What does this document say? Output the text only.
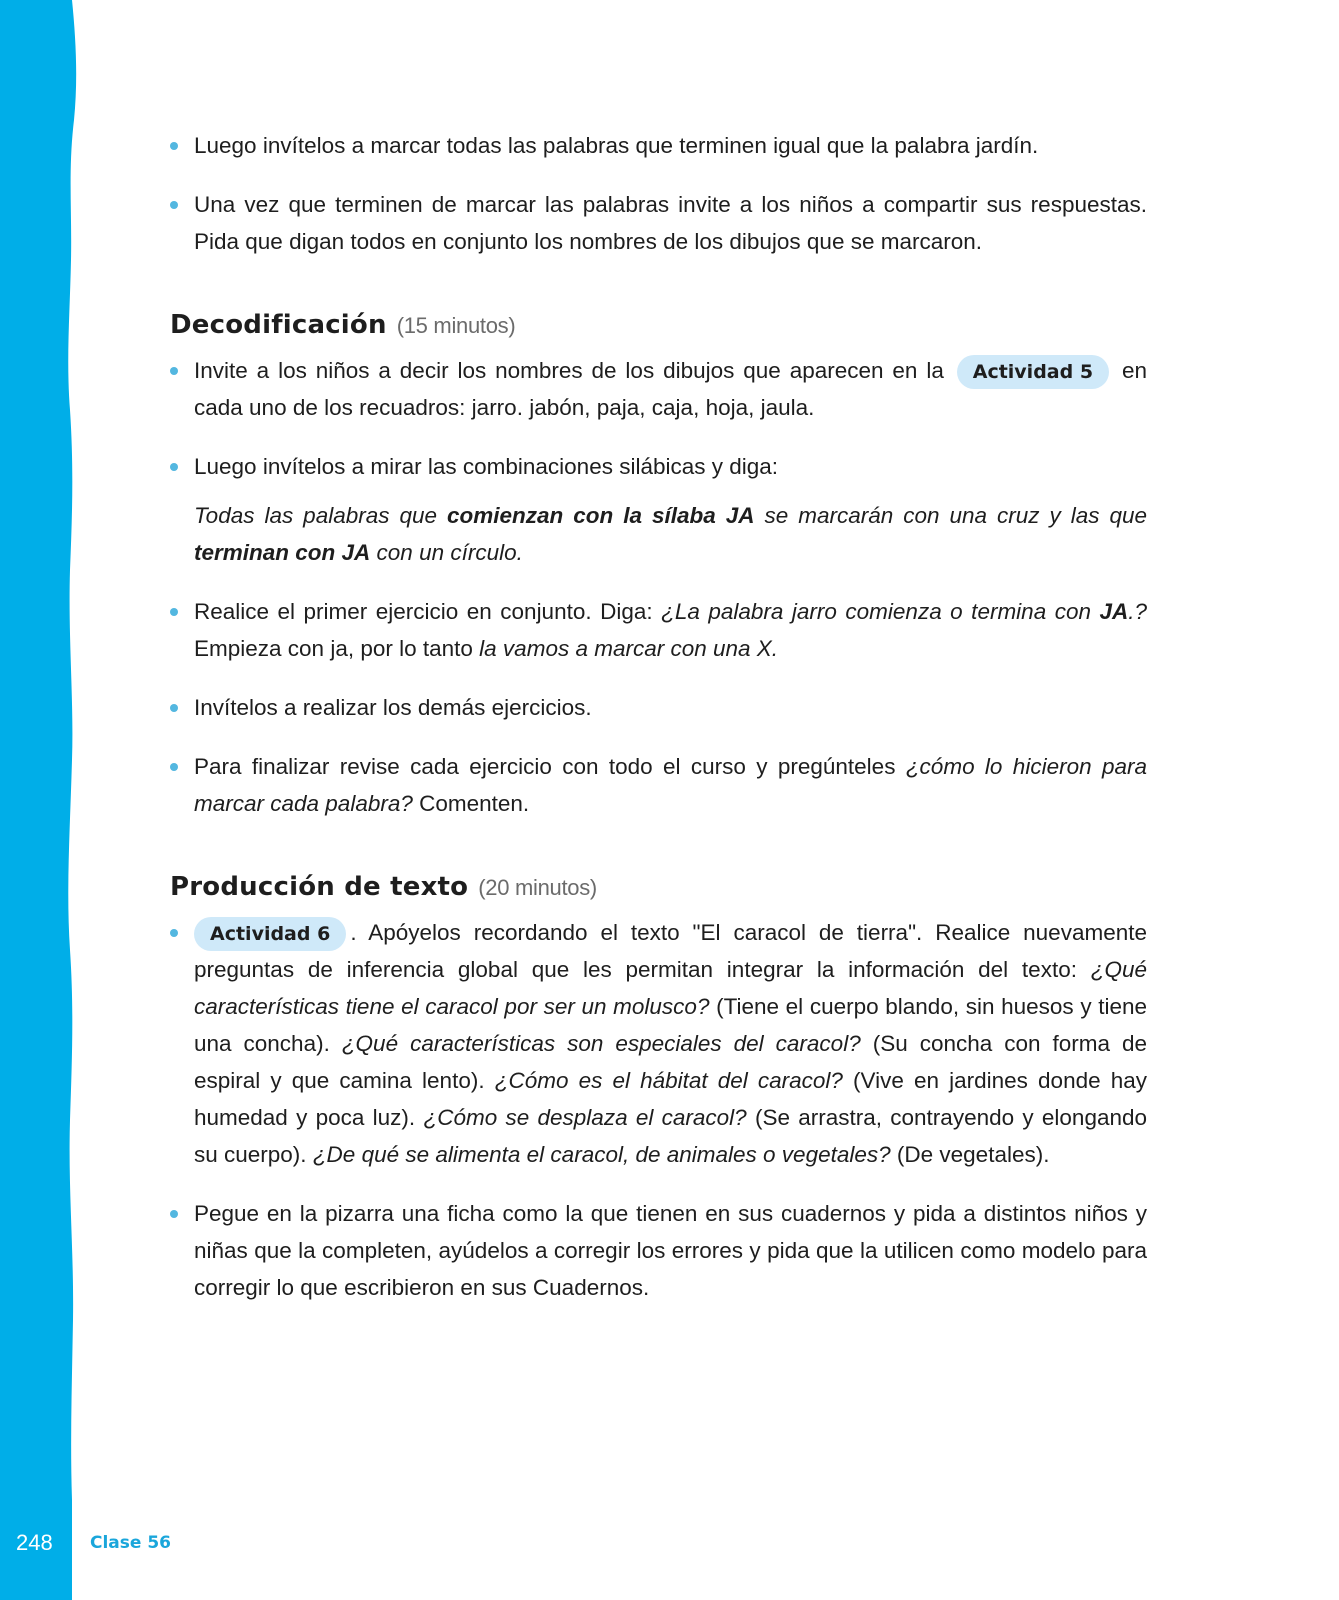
Luego invítelos a marcar todas las palabras que terminen igual que la palabra jardín.

Una vez que terminen de marcar las palabras invite a los niños a compartir sus respuestas. Pida que digan todos en conjunto los nombres de los dibujos que se marcaron.

Decodificación (15 minutos)

Invite a los niños a decir los nombres de los dibujos que aparecen en la Actividad 5 en cada uno de los recuadros: jarro. jabón, paja, caja, hoja, jaula.

Luego invítelos a mirar las combinaciones silábicas y diga:

Todas las palabras que comienzan con la sílaba JA se marcarán con una cruz y las que terminan con JA con un círculo.

Realice el primer ejercicio en conjunto. Diga: ¿La palabra jarro comienza o termina con JA.? Empieza con ja, por lo tanto la vamos a marcar con una X.

Invítelos a realizar los demás ejercicios.

Para finalizar revise cada ejercicio con todo el curso y pregúnteles ¿cómo lo hicieron para marcar cada palabra? Comenten.

Producción de texto (20 minutos)

Actividad 6 . Apóyelos recordando el texto "El caracol de tierra". Realice nuevamente preguntas de inferencia global que les permitan integrar la información del texto: ¿Qué características tiene el caracol por ser un molusco? (Tiene el cuerpo blando, sin huesos y tiene una concha). ¿Qué características son especiales del caracol? (Su concha con forma de espiral y que camina lento). ¿Cómo es el hábitat del caracol? (Vive en jardines donde hay humedad y poca luz). ¿Cómo se desplaza el caracol? (Se arrastra, contrayendo y elongando su cuerpo). ¿De qué se alimenta el caracol, de animales o vegetales? (De vegetales).

Pegue en la pizarra una ficha como la que tienen en sus cuadernos y pida a distintos niños y niñas que la completen, ayúdelos a corregir los errores y pida que la utilicen como modelo para corregir lo que escribieron en sus Cuadernos.

248 Clase 56
